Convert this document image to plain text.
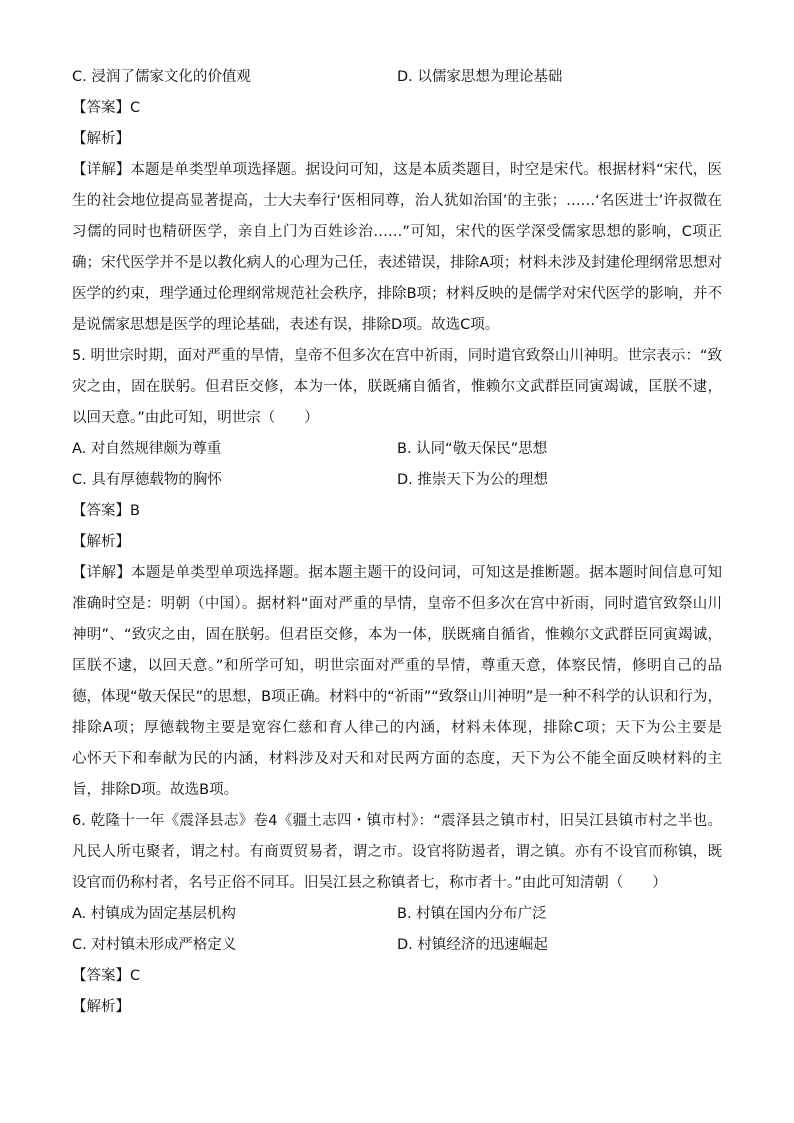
C. 浸润了儒家文化的价值观	D. 以儒家思想为理论基础
【答案】C
【解析】
【详解】本题是单类型单项选择题。据设问可知，这是本质类题目，时空是宋代。根据材料“宋代，医生的社会地位提高显著提高，士大夫奉行‘医相同尊，治人犹如治国’的主张；……‘名医进士’许叔微在习儒的同时也精研医学，亲自上门为百姓诊治……”可知，宋代的医学深受儒家思想的影响，C项正确；宋代医学并不是以教化病人的心理为己任，表述错误，排除A项；材料未涉及封建伦理纲常思想对医学的约束，理学通过伦理纲常规范社会秩序，排除B项；材料反映的是儒学对宋代医学的影响，并不是说儒家思想是医学的理论基础，表述有误，排除D项。故选C项。
5. 明世宗时期，面对严重的旱情，皇帝不但多次在宫中祈雨，同时遣官致祭山川神明。世宗表示：“致灾之由，固在朕躬。但君臣交修，本为一体，朕既痛自循省，惟赖尔文武群臣同寅竭诚，匡朕不逮，以回天意。”由此可知，明世宗（　　）
A. 对自然规律颇为尊重	B. 认同“敬天保民”思想
C. 具有厚德载物的胸怀	D. 推崇天下为公的理想
【答案】B
【解析】
【详解】本题是单类型单项选择题。据本题主题干的设问词，可知这是推断题。据本题时间信息可知准确时空是：明朝（中国）。据材料“面对严重的旱情，皇帝不但多次在宫中祈雨，同时遣官致祭山川神明”、“致灾之由，固在朕躬。但君臣交修，本为一体，朕既痛自循省，惟赖尔文武群臣同寅竭诚，匡朕不逮，以回天意。”和所学可知，明世宗面对严重的旱情，尊重天意，体察民情，修明自己的品德，体现“敬天保民”的思想，B项正确。材料中的“祈雨”“致祭山川神明”是一种不科学的认识和行为，排除A项；厚德载物主要是宽容仁慈和育人律己的内涵，材料未体现，排除C项；天下为公主要是　　心怀天下和奉献为民的内涵，材料涉及对天和对民两方面的态度，天下为公不能全面反映材料的主旨，排除D项。故选B项。
6. 乾隆十一年《震泽县志》卷4《疆土志四・镇市村》：“震泽县之镇市村，旧吴江县镇市村之半也。凡民人所屯聚者，谓之村。有商贾贸易者，谓之市。设官将防遏者，谓之镇。亦有不设官而称镇，既设官而仍称村者，名号正俗不同耳。旧吴江县之称镇者七，称市者十。”由此可知清朝（　　）
A. 村镇成为固定基层机构	B. 村镇在国内分布广泛
C. 对村镇未形成严格定义	D. 村镇经济的迅速崛起
【答案】C
【解析】
